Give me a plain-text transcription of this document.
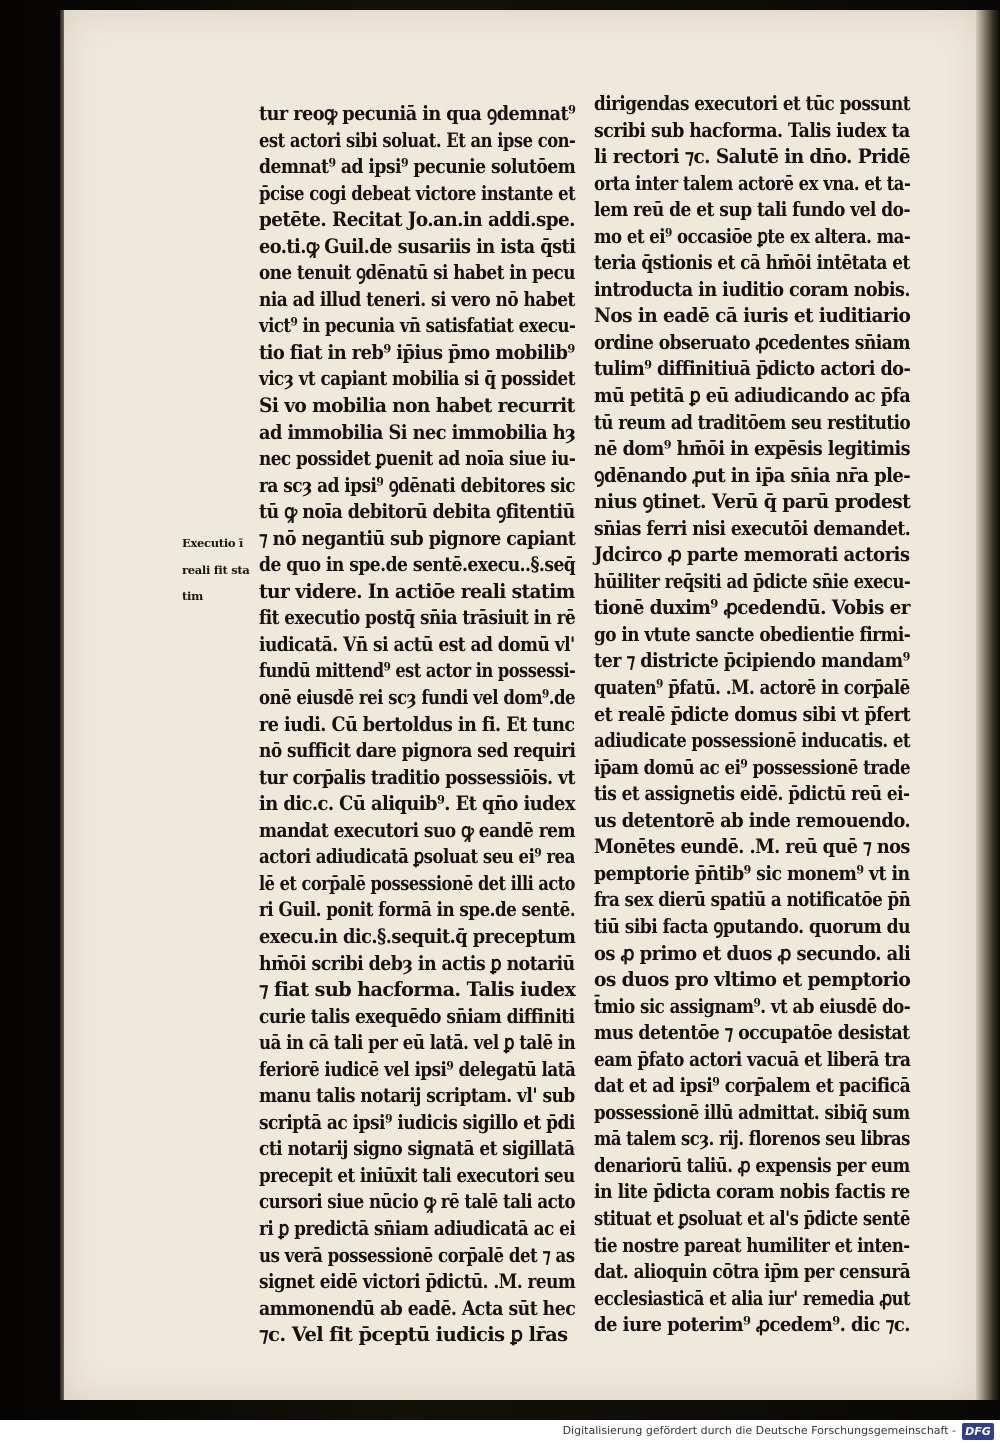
tur reoꝙ pecuniā in qua ꝯdemnat⁹
est actori sibi soluat. Et an ipse con-
demnat⁹ ad ipsi⁹ pecunie solutōem
p̄cise cogi debeat victore instante et
petēte. Recitat Jo.an.in addi.spe.
eo.ti.ꝙ Guil.de susariis in ista q̄sti
one tenuit ꝯdēnatū si habet in pecu
nia ad illud teneri. si vero nō habet
vict⁹ in pecunia vn̄ satisfatiat execu-
tio fiat in reb⁹ ip̄ius p̄mo mobilib⁹
vicȝ vt capiant mobilia si q̄ possidet
Si vo mobilia non habet recurrit
ad immobilia Si nec immobilia hȝ
nec possidet ꝑuenit ad noīa siue iu-
ra scȝ ad ipsi⁹ ꝯdēnati debitores sic
tū ꝙ noīa debitorū debita ꝯfitentiū
⁊ nō negantiū sub pignore capiant
de quo in spe.de sentē.execu..§.seq̄
tur videre. In actiōe reali statim
fit executio postq̄ sn̄ia trāsiuit in rē
iudicatā. Vn̄ si actū est ad domū vl'
fundū mittend⁹ est actor in possessi-
onē eiusdē rei scȝ fundi vel dom⁹.de
re iudi. Cū bertoldus in fi. Et tunc
nō sufficit dare pignora sed requiri
tur corp̄alis traditio possessiōis. vt
in dic.c. Cū aliquib⁹. Et qn̄o iudex
mandat executori suo ꝙ eandē rem
actori adiudicatā ꝑsoluat seu ei⁹ rea
lē et corp̄alē possessionē det illi acto
ri Guil. ponit formā in spe.de sentē.
execu.in dic.§.sequit.q̄ preceptum
hm̄ōi scribi debȝ in actis ꝑ notariū
⁊ fiat sub hacforma. Talis iudex
curie talis exequēdo sn̄iam diffiniti
uā in cā tali per eū latā. vel ꝑ talē in
feriorē iudicē vel ipsi⁹ delegatū latā
manu talis notarij scriptam. vl' sub
scriptā ac ipsi⁹ iudicis sigillo et p̄di
cti notarij signo signatā et sigillatā
precepit et iniūxit tali executori seu
cursori siue nūcio ꝙ rē talē tali acto
ri ꝑ predictā sn̄iam adiudicatā ac ei
us verā possessionē corp̄alē det ⁊ as
signet eidē victori p̄dictū. .M. reum
ammonendū ab eadē. Acta sūt hec
⁊c. Vel fit p̄ceptū iudicis ꝑ lr̄as
dirigendas executori et tūc possunt
scribi sub hacforma. Talis iudex ta
li rectori ⁊c. Salutē in dn̄o. Pridē
orta inter talem actorē ex vna. et ta-
lem reū de et sup tali fundo vel do-
mo et ei⁹ occasiōe ꝑte ex altera. ma-
teria q̄stionis et cā hm̄ōi intētata et
introducta in iuditio coram nobis.
Nos in eadē cā iuris et iuditiario
ordine obseruato ꝓcedentes sn̄iam
tulim⁹ diffinitiuā p̄dicto actori do-
mū petitā ꝑ eū adiudicando ac p̄fa
tū reum ad traditōem seu restitutio
nē dom⁹ hm̄ōi in expēsis legitimis
ꝯdēnando ꝓut in ip̄a sn̄ia nr̄a ple-
nius ꝯtinet. Verū q̄ parū prodest
sn̄ias ferri nisi executōi demandet.
Jdcirco ꝓ parte memorati actoris
hūiliter req̄siti ad p̄dicte sn̄ie execu-
tionē duxim⁹ ꝓcedendū. Vobis er
go in vtute sancte obedientie firmi-
ter ⁊ districte p̄cipiendo mandam⁹
quaten⁹ p̄fatū. .M. actorē in corp̄alē
et realē p̄dicte domus sibi vt p̄fert
adiudicate possessionē inducatis. et
ip̄am domū ac ei⁹ possessionē trade
tis et assignetis eidē. p̄dictū reū ei-
us detentorē ab inde remouendo.
Monētes eundē. .M. reū quē ⁊ nos
pemptorie p̄n̄tib⁹ sic monem⁹ vt in
fra sex dierū spatiū a notificatōe p̄n̄
tiū sibi facta ꝯputando. quorum du
os ꝓ primo et duos ꝓ secundo. ali
os duos pro vltimo et pemptorio
t̄mio sic assignam⁹. vt ab eiusdē do-
mus detentōe ⁊ occupatōe desistat
eam p̄fato actori vacuā et liberā tra
dat et ad ipsi⁹ corp̄alem et pacificā
possessionē illū admittat. sibiq̄ sum
mā talem scȝ. rij. florenos seu libras
denariorū taliū. ꝓ expensis per eum
in lite p̄dicta coram nobis factis re
stituat et ꝑsoluat et al's p̄dicte sentē
tie nostre pareat humiliter et inten-
dat. alioquin cōtra ip̄m per censurā
ecclesiasticā et alia iur' remedia ꝓut
de iure poterim⁹ ꝓcedem⁹. dic ⁊c.
Executio ī
reali fit sta
tim
Digitalisierung gefördert durch die Deutsche Forschungsgemeinschaft - DFG
